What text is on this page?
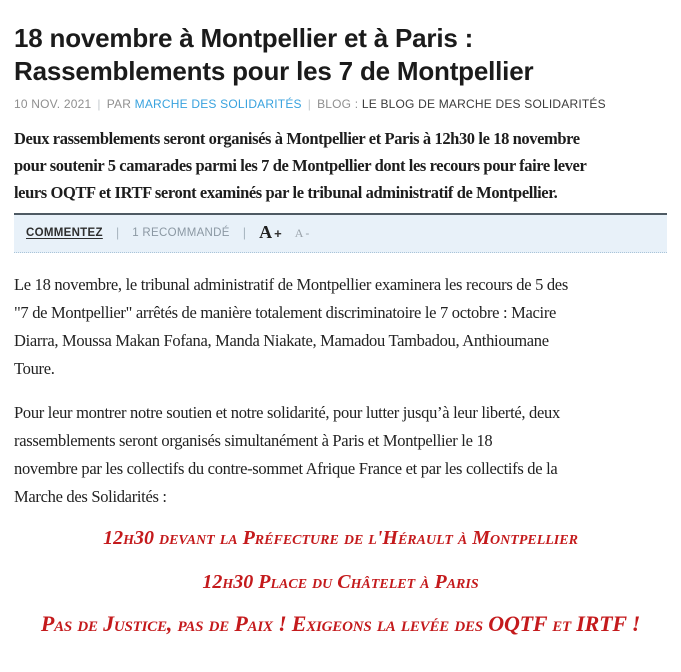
18 novembre à Montpellier et à Paris :
Rassemblements pour les 7 de Montpellier
10 NOV. 2021 | PAR MARCHE DES SOLIDARITÉS | BLOG : LE BLOG DE MARCHE DES SOLIDARITÉS

Deux rassemblements seront organisés à Montpellier et Paris à 12h30 le 18 novembre
pour soutenir 5 camarades parmi les 7 de Montpellier dont les recours pour faire lever
leurs OQTF et IRTF seront examinés par le tribunal administratif de Montpellier.

COMMENTEZ | 1 RECOMMANDÉ | A + A -

Le 18 novembre, le tribunal administratif de Montpellier examinera les recours de 5 des
"7 de Montpellier" arrêtés de manière totalement discriminatoire le 7 octobre : Macire
Diarra, Moussa Makan Fofana, Manda Niakate, Mamadou Tambadou, Anthioumane
Toure.

Pour leur montrer notre soutien et notre solidarité, pour lutter jusqu’à leur liberté, deux
rassemblements seront organisés simultanément à Paris et Montpellier le 18
novembre par les collectifs du contre-sommet Afrique France et par les collectifs de la
Marche des Solidarités :

12h30 devant la Préfecture de l'Hérault à Montpellier

12h30 Place du Châtelet à Paris

Pas de Justice, pas de Paix ! Exigeons la levée des OQTF et IRTF !
